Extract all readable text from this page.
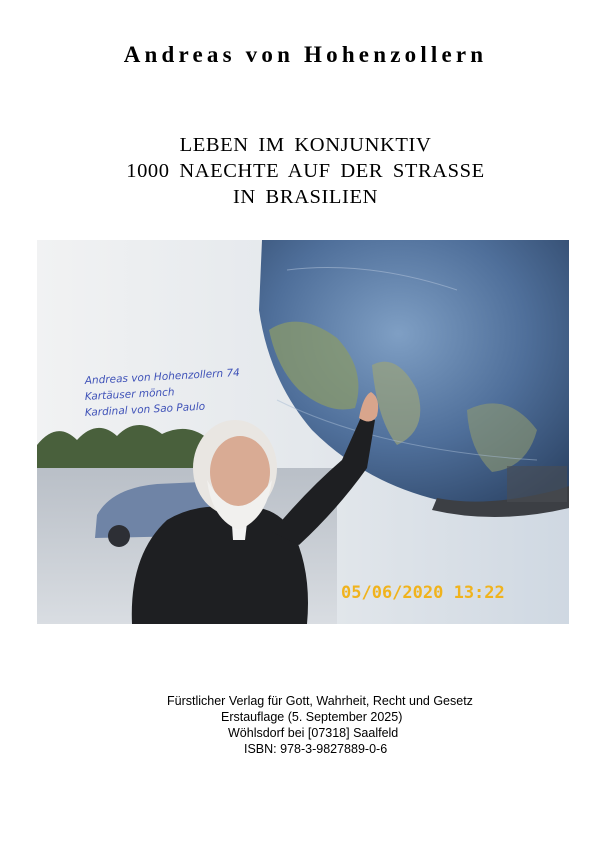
Andreas von Hohenzollern
LEBEN IM KONJUNKTIV
1000 NAECHTE AUF DER STRASSE
IN BRASILIEN
Andreas von Hohenzollern 74
Kartäuser mönch
Kardinal von Sao Paulo
05/06/2020 13:22
Fürstlicher Verlag für Gott, Wahrheit, Recht und Gesetz
Erstauflage (5. September 2025)
Wöhlsdorf bei [07318] Saalfeld
ISBN: 978-3-9827889-0-6
